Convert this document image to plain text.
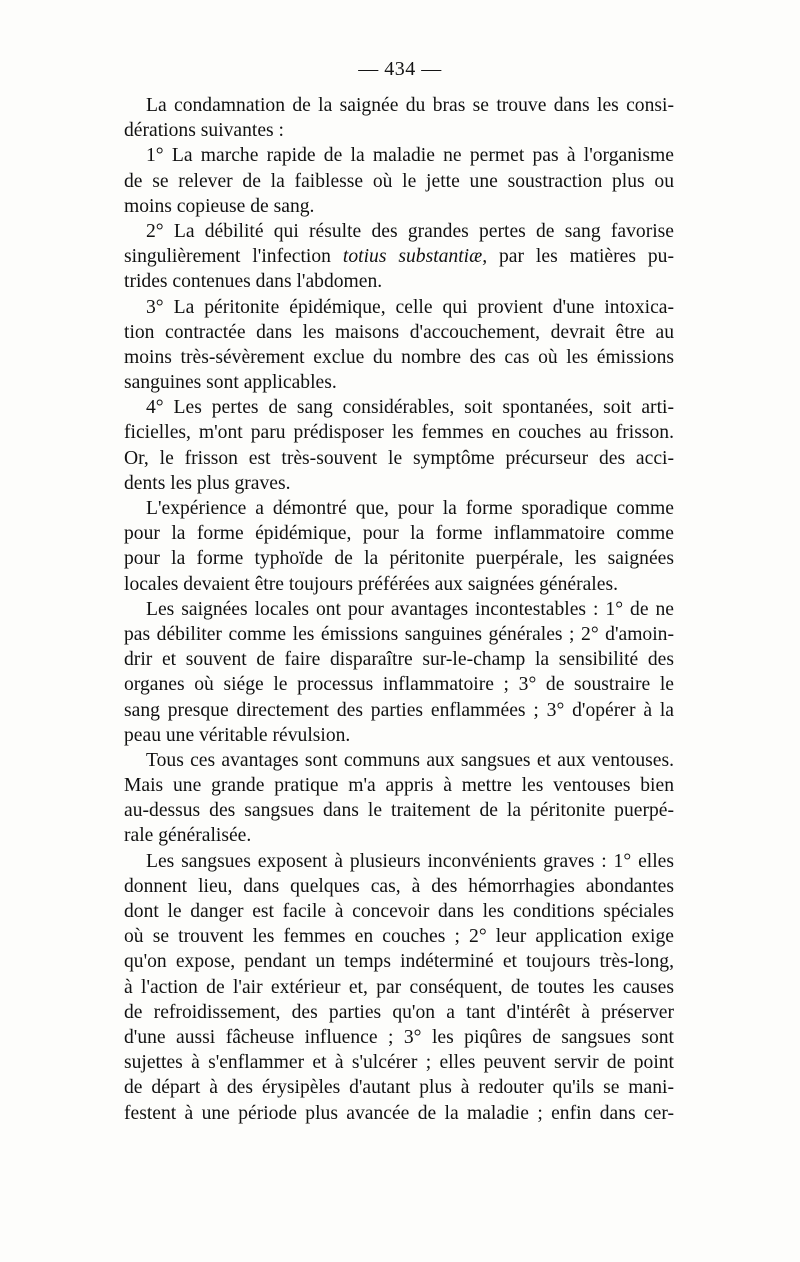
— 434 —
La condamnation de la saignée du bras se trouve dans les consi-
dérations suivantes :
1° La marche rapide de la maladie ne permet pas à l'organisme
de se relever de la faiblesse où le jette une soustraction plus ou
moins copieuse de sang.
2° La débilité qui résulte des grandes pertes de sang favorise
singulièrement l'infection totius substantiæ, par les matières pu-
trides contenues dans l'abdomen.
3° La péritonite épidémique, celle qui provient d'une intoxica-
tion contractée dans les maisons d'accouchement, devrait être au
moins très-sévèrement exclue du nombre des cas où les émissions
sanguines sont applicables.
4° Les pertes de sang considérables, soit spontanées, soit arti-
ficielles, m'ont paru prédisposer les femmes en couches au frisson.
Or, le frisson est très-souvent le symptôme précurseur des acci-
dents les plus graves.
L'expérience a démontré que, pour la forme sporadique comme
pour la forme épidémique, pour la forme inflammatoire comme
pour la forme typhoïde de la péritonite puerpérale, les saignées
locales devaient être toujours préférées aux saignées générales.
Les saignées locales ont pour avantages incontestables : 1° de ne
pas débiliter comme les émissions sanguines générales ; 2° d'amoin-
drir et souvent de faire disparaître sur-le-champ la sensibilité des
organes où siége le processus inflammatoire ; 3° de soustraire le
sang presque directement des parties enflammées ; 3° d'opérer à la
peau une véritable révulsion.
Tous ces avantages sont communs aux sangsues et aux ventouses.
Mais une grande pratique m'a appris à mettre les ventouses bien
au-dessus des sangsues dans le traitement de la péritonite puerpé-
rale généralisée.
Les sangsues exposent à plusieurs inconvénients graves : 1° elles
donnent lieu, dans quelques cas, à des hémorrhagies abondantes
dont le danger est facile à concevoir dans les conditions spéciales
où se trouvent les femmes en couches ; 2° leur application exige
qu'on expose, pendant un temps indéterminé et toujours très-long,
à l'action de l'air extérieur et, par conséquent, de toutes les causes
de refroidissement, des parties qu'on a tant d'intérêt à préserver
d'une aussi fâcheuse influence ; 3° les piqûres de sangsues sont
sujettes à s'enflammer et à s'ulcérer ; elles peuvent servir de point
de départ à des érysipèles d'autant plus à redouter qu'ils se mani-
festent à une période plus avancée de la maladie ; enfin dans cer-
